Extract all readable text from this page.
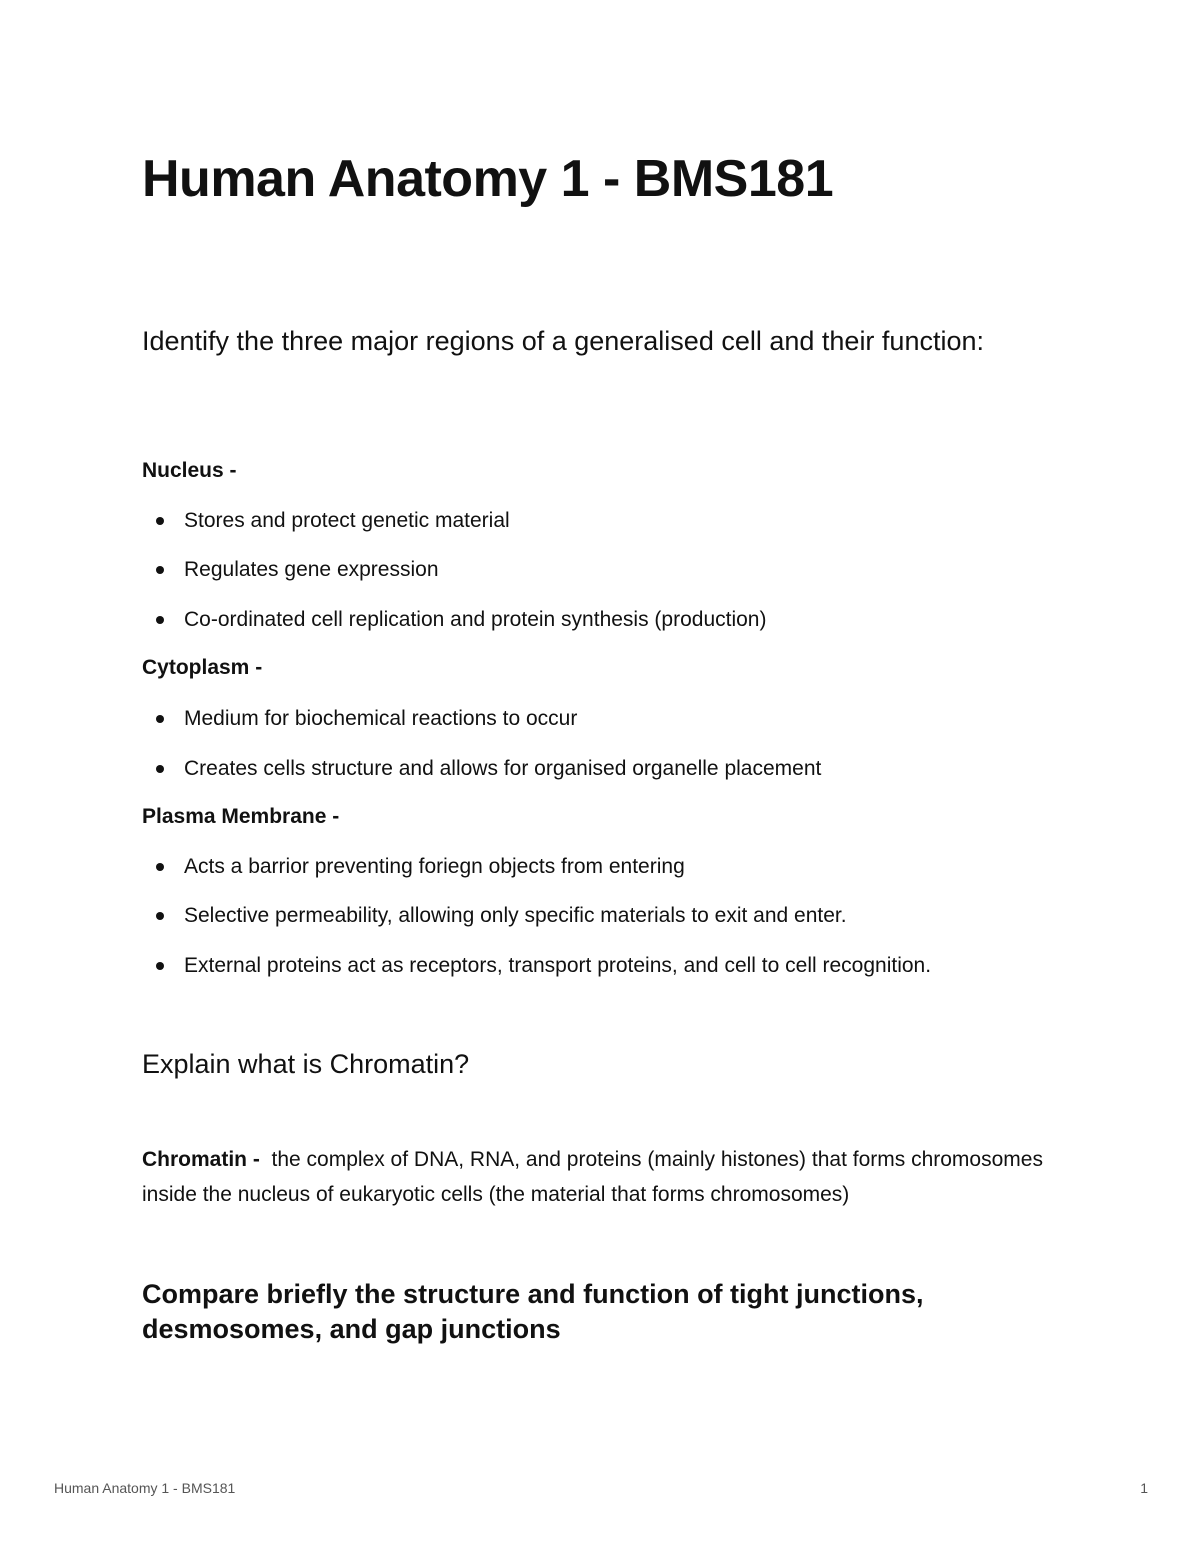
Human Anatomy 1 - BMS181
Identify the three major regions of a generalised cell and their function:

Nucleus -

Stores and protect genetic material
Regulates gene expression
Co-ordinated cell replication and protein synthesis (production)

Cytoplasm -

Medium for biochemical reactions to occur
Creates cells structure and allows for organised organelle placement

Plasma Membrane -

Acts a barrior preventing foriegn objects from entering
Selective permeability, allowing only specific materials to exit and enter.
External proteins act as receptors, transport proteins, and cell to cell recognition.
Explain what is Chromatin?

Chromatin -  the complex of DNA, RNA, and proteins (mainly histones) that forms chromosomes inside the nucleus of eukaryotic cells (the material that forms chromosomes)

Compare briefly the structure and function of tight junctions, desmosomes, and gap junctions
Human Anatomy 1 - BMS181	1
